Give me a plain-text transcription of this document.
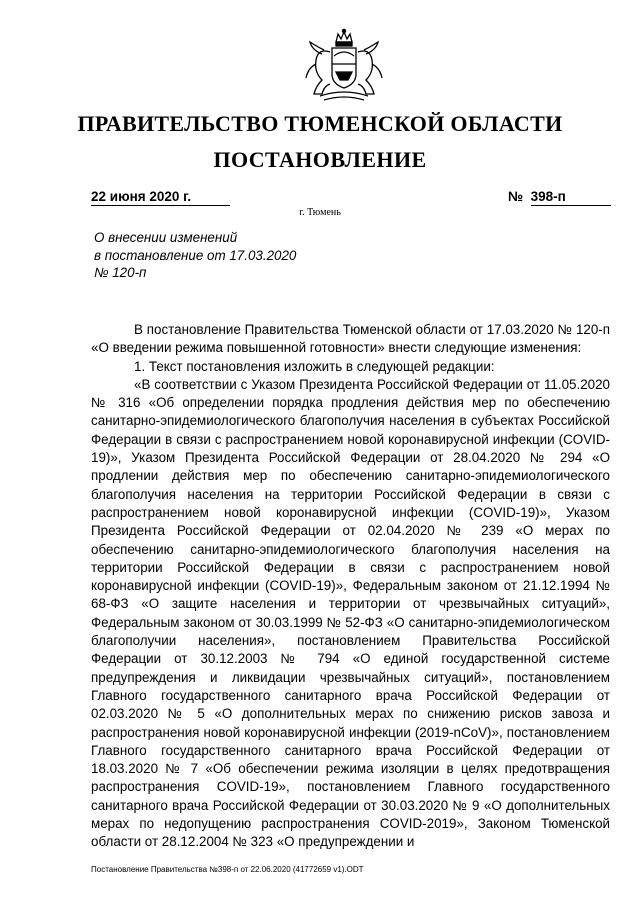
ПРАВИТЕЛЬСТВО ТЮМЕНСКОЙ ОБЛАСТИ
ПОСТАНОВЛЕНИЕ
22 июня 2020 г.	№ 398-п
г. Тюмень
О внесении изменений
в постановление от 17.03.2020
№ 120-п

В постановление Правительства Тюменской области от 17.03.2020 № 120-п «О введении режима повышенной готовности» внести следующие изменения:

1. Текст постановления изложить в следующей редакции:

«В соответствии с Указом Президента Российской Федерации от 11.05.2020 № 316 «Об определении порядка продления действия мер по обеспечению санитарно-эпидемиологического благополучия населения в субъектах Российской Федерации в связи с распространением новой коронавирусной инфекции (COVID-19)», Указом Президента Российской Федерации от 28.04.2020 № 294 «О продлении действия мер по обеспечению санитарно-эпидемиологического благополучия населения на территории Российской Федерации в связи с распространением новой коронавирусной инфекции (COVID-19)», Указом Президента Российской Федерации от 02.04.2020 № 239 «О мерах по обеспечению санитарно-эпидемиологического благополучия населения на территории Российской Федерации в связи с распространением новой коронавирусной инфекции (COVID-19)», Федеральным законом от 21.12.1994 № 68-ФЗ «О защите населения и территории от чрезвычайных ситуаций», Федеральным законом от 30.03.1999 № 52-ФЗ «О санитарно-эпидемиологическом благополучии населения», постановлением Правительства Российской Федерации от 30.12.2003 № 794 «О единой государственной системе предупреждения и ликвидации чрезвычайных ситуаций», постановлением Главного государственного санитарного врача Российской Федерации от 02.03.2020 № 5 «О дополнительных мерах по снижению рисков завоза и распространения новой коронавирусной инфекции (2019-nCoV)», постановлением Главного государственного санитарного врача Российской Федерации от 18.03.2020 № 7 «Об обеспечении режима изоляции в целях предотвращения распространения COVID-19», постановлением Главного государственного санитарного врача Российской Федерации от 30.03.2020 № 9 «О дополнительных мерах по недопущению распространения COVID-2019», Законом Тюменской области от 28.12.2004 № 323 «О предупреждении и

Постановление Правительства №398-п от 22.06.2020 (41772659 v1).ODT
